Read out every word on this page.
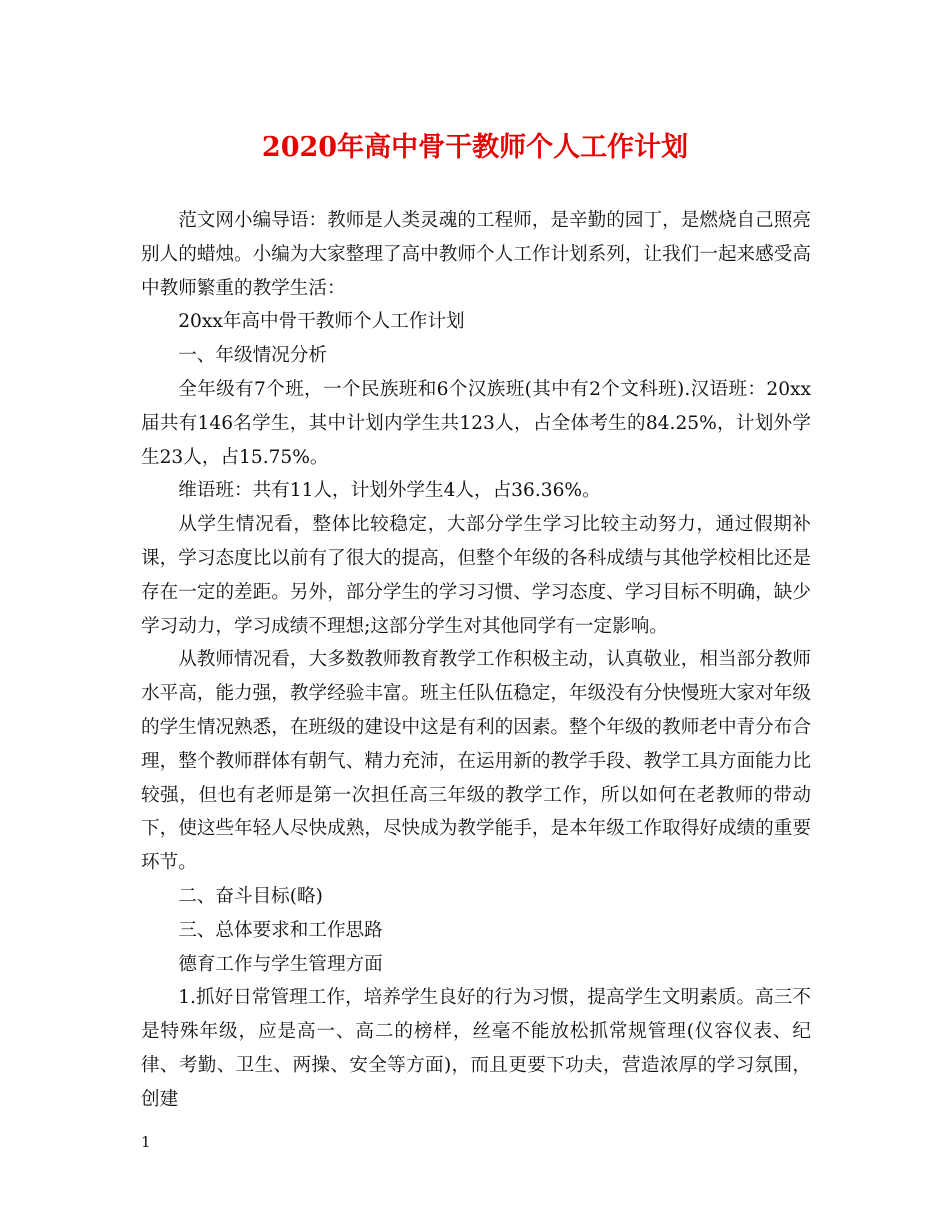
2020年高中骨干教师个人工作计划

范文网小编导语：教师是人类灵魂的工程师，是辛勤的园丁，是燃烧自己照亮别人的蜡烛。小编为大家整理了高中教师个人工作计划系列，让我们一起来感受高中教师繁重的教学生活：

20xx年高中骨干教师个人工作计划

一、年级情况分析

全年级有7个班，一个民族班和6个汉族班(其中有2个文科班).汉语班：20xx届共有146名学生，其中计划内学生共123人，占全体考生的84.25%，计划外学生23人，占15.75%。

维语班：共有11人，计划外学生4人，占36.36%。

从学生情况看，整体比较稳定，大部分学生学习比较主动努力，通过假期补课，学习态度比以前有了很大的提高，但整个年级的各科成绩与其他学校相比还是存在一定的差距。另外，部分学生的学习习惯、学习态度、学习目标不明确，缺少学习动力，学习成绩不理想;这部分学生对其他同学有一定影响。

从教师情况看，大多数教师教育教学工作积极主动，认真敬业，相当部分教师水平高，能力强，教学经验丰富。班主任队伍稳定，年级没有分快慢班大家对年级的学生情况熟悉，在班级的建设中这是有利的因素。整个年级的教师老中青分布合理，整个教师群体有朝气、精力充沛，在运用新的教学手段、教学工具方面能力比较强，但也有老师是第一次担任高三年级的教学工作，所以如何在老教师的带动下，使这些年轻人尽快成熟，尽快成为教学能手，是本年级工作取得好成绩的重要环节。

二、奋斗目标(略)

三、总体要求和工作思路

德育工作与学生管理方面

1.抓好日常管理工作，培养学生良好的行为习惯，提高学生文明素质。高三不是特殊年级，应是高一、高二的榜样，丝毫不能放松抓常规管理(仪容仪表、纪律、考勤、卫生、两操、安全等方面)，而且更要下功夫，营造浓厚的学习氛围，创建

1
